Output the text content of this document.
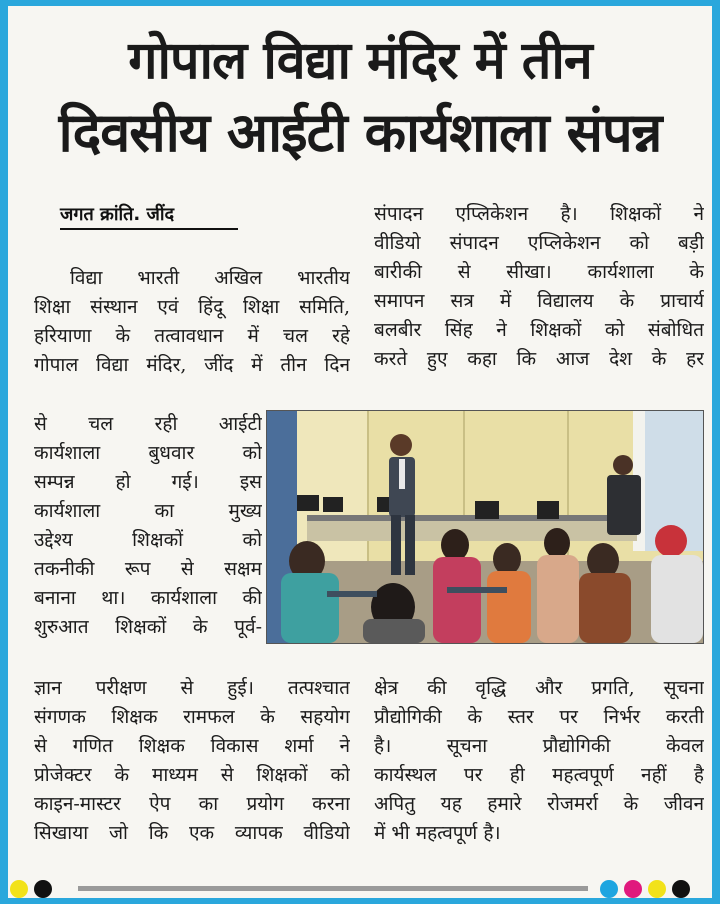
गोपाल विद्या मंदिर में तीन
दिवसीय आईटी कार्यशाला संपन्न
जगत क्रांति. जींद

विद्या भारती अखिल भारतीय

शिक्षा संस्थान एवं हिंदू शिक्षा समिति,

हरियाणा के तत्वावधान में चल रहे

गोपाल विद्या मंदिर, जींद में तीन दिन

से चल रही आईटी

कार्यशाला बुधवार को

सम्पन्न हो गई। इस

कार्यशाला का मुख्य

उद्देश्य शिक्षकों को

तकनीकी रूप से सक्षम

बनाना था। कार्यशाला की

शुरुआत शिक्षकों के पूर्व-

ज्ञान परीक्षण से हुई। तत्पश्चात

संगणक शिक्षक रामफल के सहयोग

से गणित शिक्षक विकास शर्मा ने

प्रोजेक्टर के माध्यम से शिक्षकों को

काइन-मास्टर ऐप का प्रयोग करना

सिखाया जो कि एक व्यापक वीडियो

संपादन एप्लिकेशन है। शिक्षकों ने

वीडियो संपादन एप्लिकेशन को बड़ी

बारीकी से सीखा। कार्यशाला के

समापन सत्र में विद्यालय के प्राचार्य

बलबीर सिंह ने शिक्षकों को संबोधित

करते हुए कहा कि आज देश के हर

क्षेत्र की वृद्धि और प्रगति, सूचना

प्रौद्योगिकी के स्तर पर निर्भर करती

है। सूचना प्रौद्योगिकी केवल

कार्यस्थल पर ही महत्वपूर्ण नहीं है

अपितु यह हमारे रोजमर्रा के जीवन

में भी महत्वपूर्ण है।
